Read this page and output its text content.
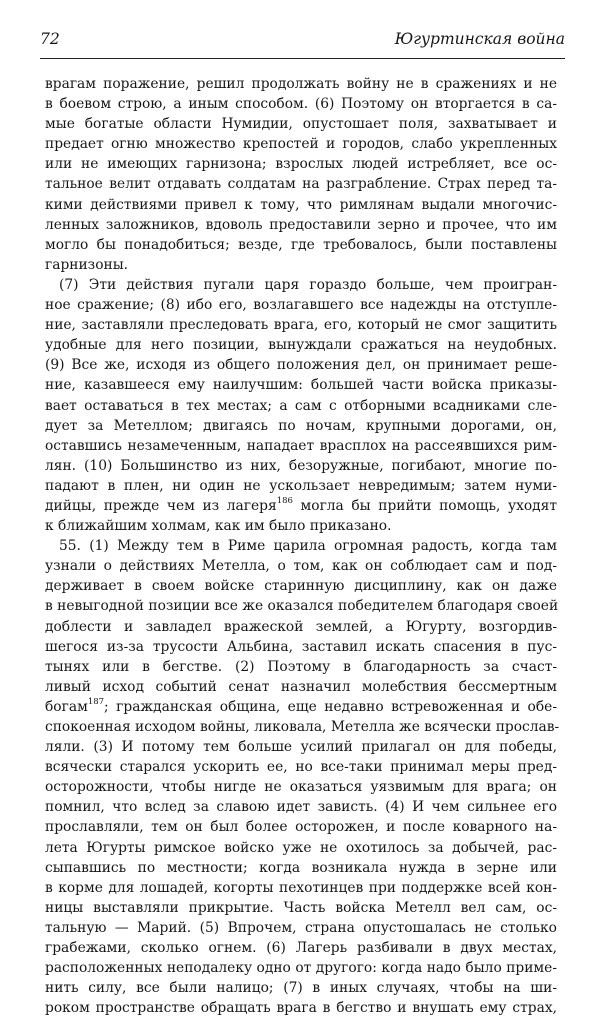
72	Югуртинская война
врагам поражение, решил продолжать войну не в сражениях и не
в боевом строю, а иным способом. (6) Поэтому он вторгается в са-
мые богатые области Нумидии, опустошает поля, захватывает и
предает огню множество крепостей и городов, слабо укрепленных
или не имеющих гарнизона; взрослых людей истребляет, все ос-
тальное велит отдавать солдатам на разграбление. Страх перед та-
кими действиями привел к тому, что римлянам выдали многочис-
ленных заложников, вдоволь предоставили зерно и прочее, что им
могло бы понадобиться; везде, где требовалось, были поставлены
гарнизоны.
(7) Эти действия пугали царя гораздо больше, чем проигран-
ное сражение; (8) ибо его, возлагавшего все надежды на отступле-
ние, заставляли преследовать врага, его, который не смог защитить
удобные для него позиции, вынуждали сражаться на неудобных.
(9) Все же, исходя из общего положения дел, он принимает реше-
ние, казавшееся ему наилучшим: большей части войска приказы-
вает оставаться в тех местах; а сам с отборными всадниками сле-
дует за Метеллом; двигаясь по ночам, крупными дорогами, он,
оставшись незамеченным, нападает врасплох на рассеявшихся рим-
лян. (10) Большинство из них, безоружные, погибают, многие по-
падают в плен, ни один не ускользает невредимым; затем нуми-
дийцы, прежде чем из лагеря$^{186}$ могла бы прийти помощь, уходят
к ближайшим холмам, как им было приказано.
55. (1) Между тем в Риме царила огромная радость, когда там
узнали о действиях Метелла, о том, как он соблюдает сам и под-
держивает в своем войске старинную дисциплину, как он даже
в невыгодной позиции все же оказался победителем благодаря своей
доблести и завладел вражеской землей, а Югурту, возгордив-
шегося из-за трусости Альбина, заставил искать спасения в пус-
тынях или в бегстве. (2) Поэтому в благодарность за счаст-
ливый исход событий сенат назначил молебствия бессмертным
богам$^{187}$; гражданская община, еще недавно встревоженная и обе-
спокоенная исходом войны, ликовала, Метелла же всячески прослав-
ляли. (3) И потому тем больше усилий прилагал он для победы,
всячески старался ускорить ее, но все-таки принимал меры пред-
осторожности, чтобы нигде не оказаться уязвимым для врага; он
помнил, что вслед за славою идет зависть. (4) И чем сильнее его
прославляли, тем он был более осторожен, и после коварного на-
лета Югурты римское войско уже не охотилось за добычей, рас-
сыпавшись по местности; когда возникала нужда в зерне или
в корме для лошадей, когорты пехотинцев при поддержке всей кон-
ницы выставляли прикрытие. Часть войска Метелл вел сам, ос-
тальную — Марий. (5) Впрочем, страна опустошалась не столько
грабежами, сколько огнем. (6) Лагерь разбивали в двух местах,
расположенных неподалеку одно от другого: когда надо было приме-
нить силу, все были налицо; (7) в иных случаях, чтобы на ши-
роком пространстве обращать врага в бегство и внушать ему страх,
